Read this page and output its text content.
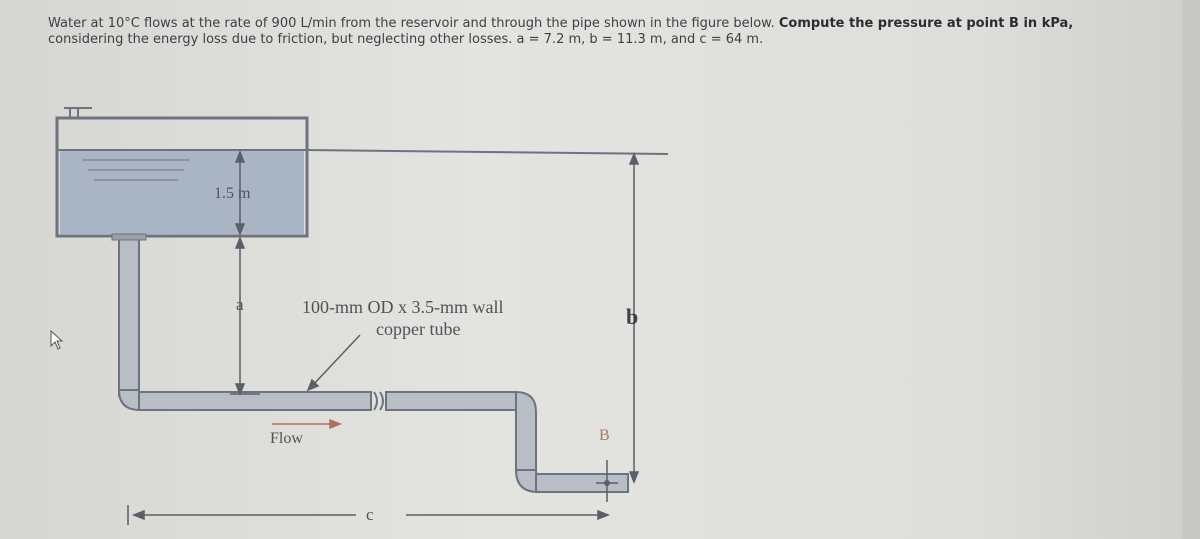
Water at 10°C flows at the rate of 900 L/min from the reservoir and through the pipe shown in the figure below. Compute the pressure at point B in kPa,
considering the energy loss due to friction, but neglecting other losses. a = 7.2 m, b = 11.3 m, and c = 64 m.
1.5 m
a	b
c
100-mm OD x 3.5-mm wall
copper tube
Flow	B
